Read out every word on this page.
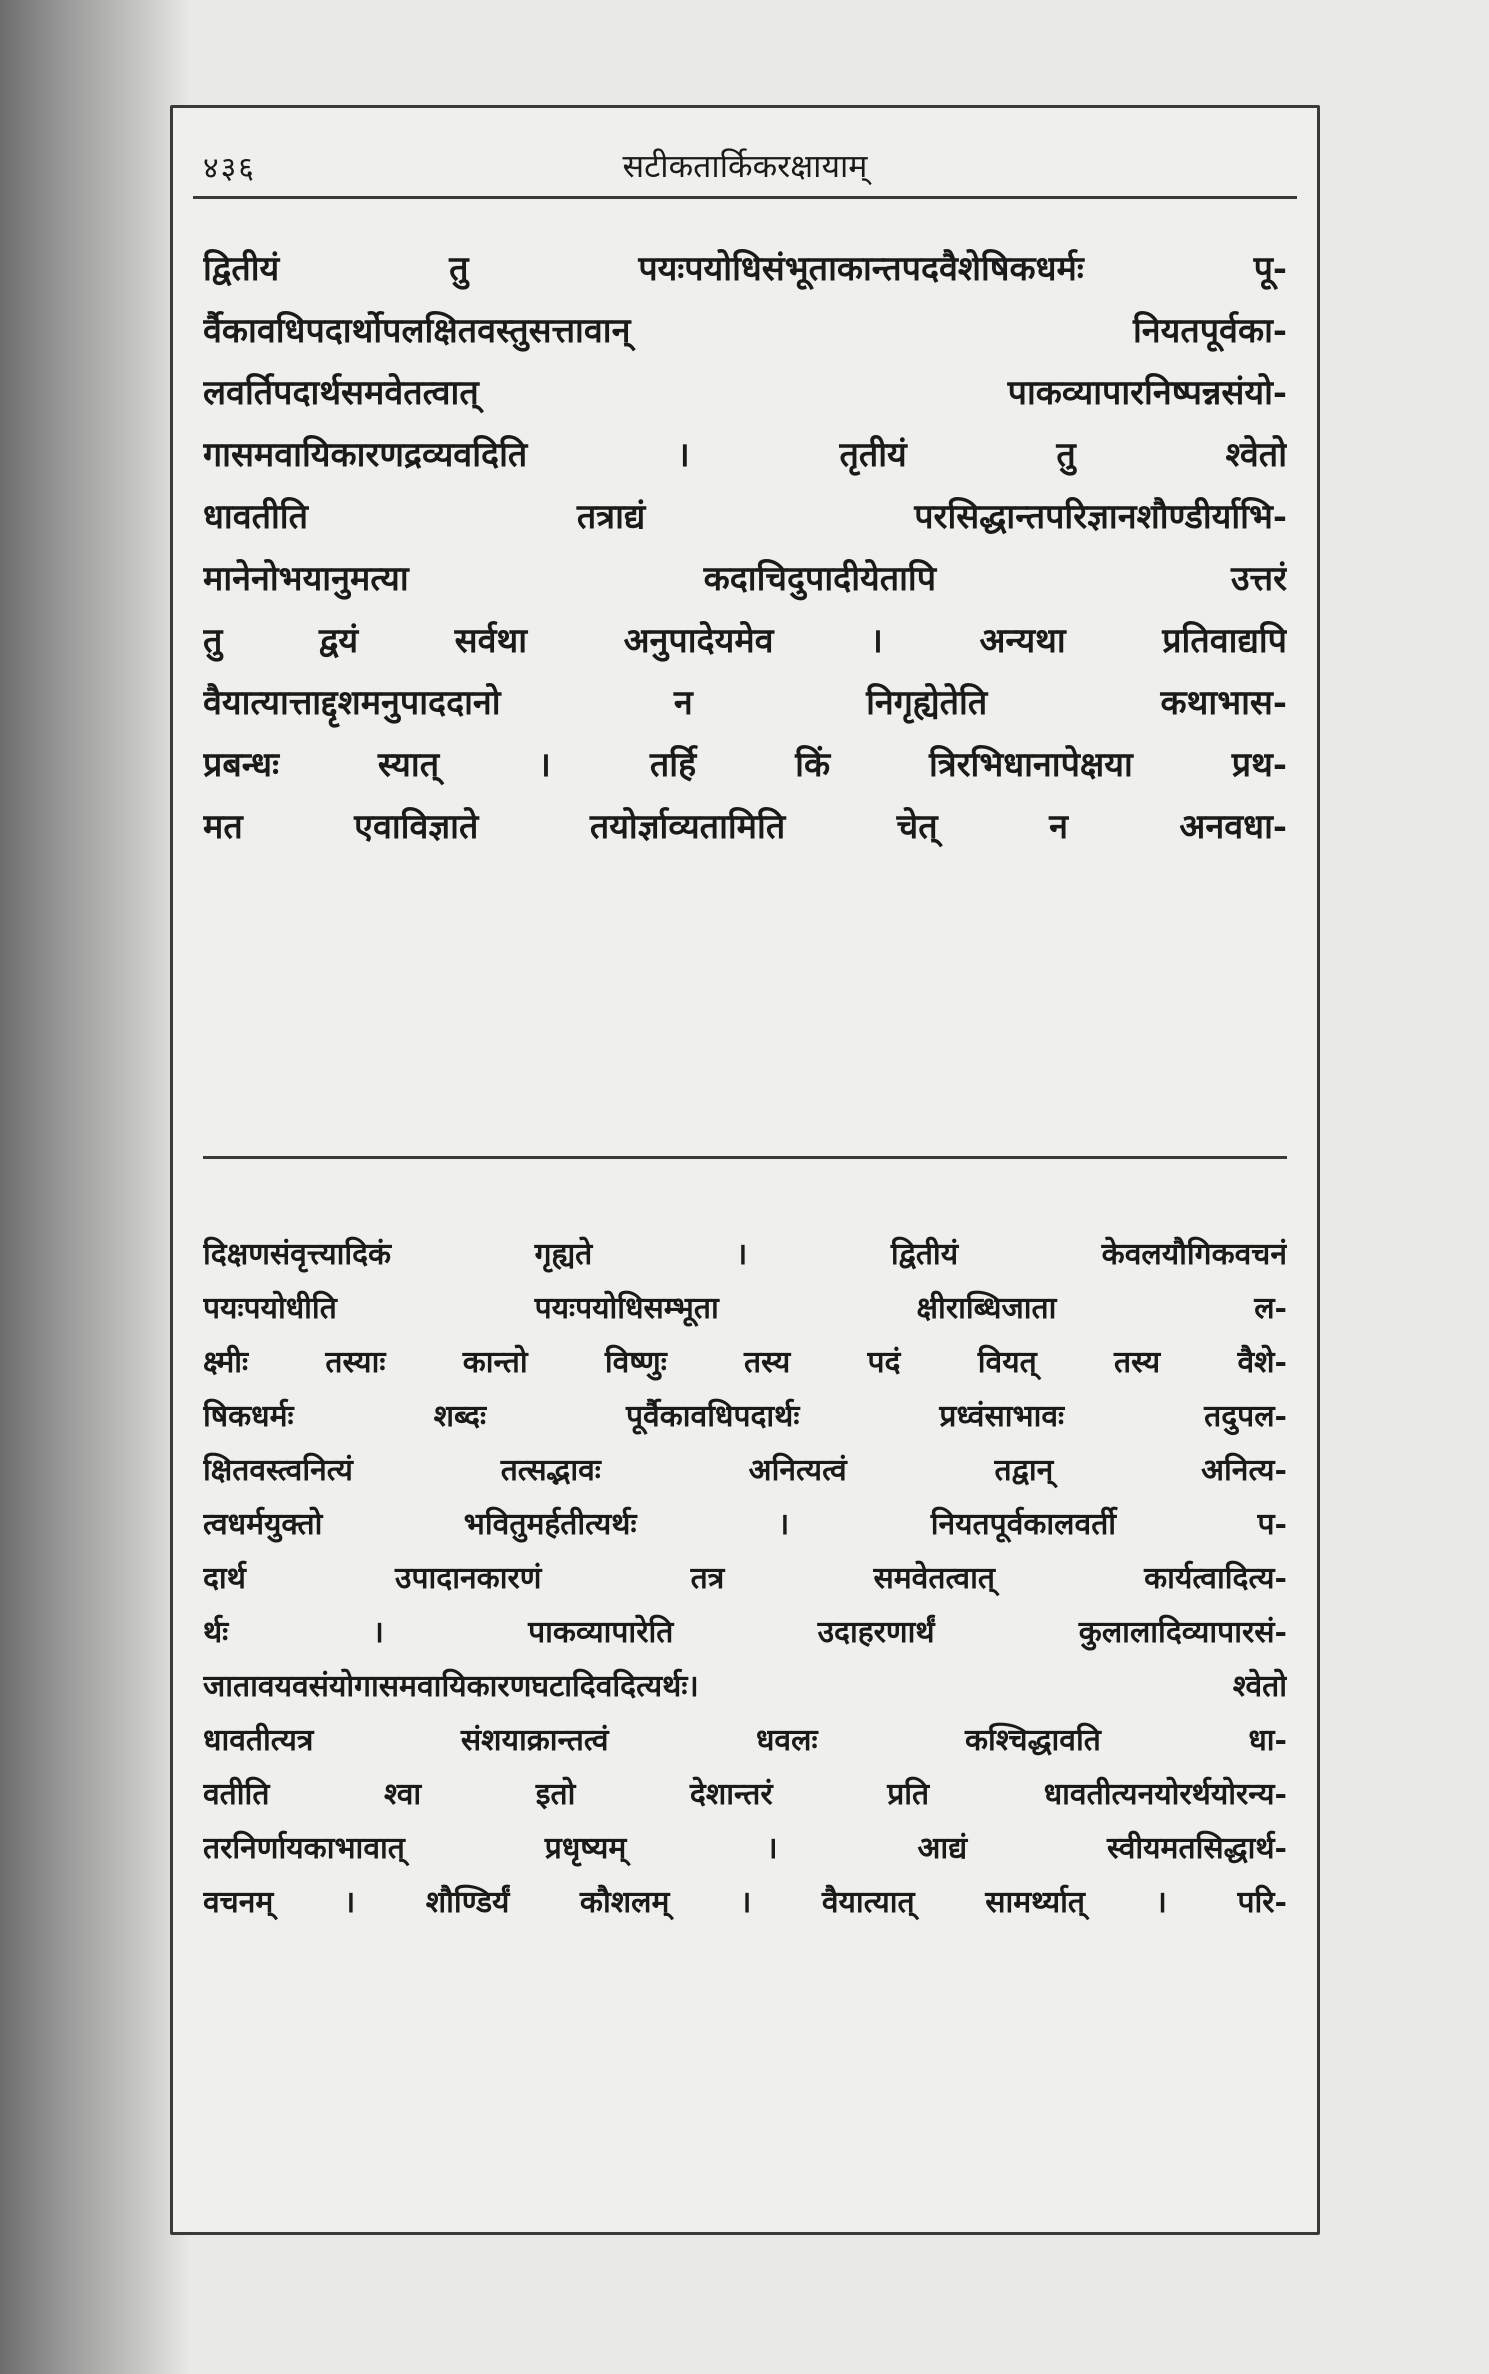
४३६	सटीकतार्किकरक्षायाम्
द्वितीयं तु पयःपयोधिसंभूताकान्तपदवैशेषिकधर्मः पू-
र्वैकावधिपदार्थोपलक्षितवस्तुसत्तावान् नियतपूर्वका-
लवर्तिपदार्थसमवेतत्वात् पाकव्यापारनिष्पन्नसंयो-
गासमवायिकारणद्रव्यवदिति । तृतीयं तु श्वेतो
धावतीति तत्राद्यं परसिद्धान्तपरिज्ञानशौण्डीर्याभि-
मानेनोभयानुमत्या कदाचिदुपादीयेतापि उत्तरं
तु द्वयं सर्वथा अनुपादेयमेव । अन्यथा प्रतिवाद्यपि
वैयात्यात्ताद्दृशमनुपाददानो न निगृह्येतेति कथाभास-
प्रबन्धः स्यात् । तर्हि किं त्रिरभिधानापेक्षया प्रथ-
मत एवाविज्ञाते तयोर्ज्ञाव्यतामिति चेत् न अनवधा-
दिक्षणसंवृत्त्यादिकं गृह्यते । द्वितीयं केवलयौगिकवचनं
पयःपयोधीति पयःपयोधिसम्भूता क्षीराब्धिजाता ल-
क्ष्मीः तस्याः कान्तो विष्णुः तस्य पदं वियत् तस्य वैशे-
षिकधर्मः शब्दः पूर्वैकावधिपदार्थः प्रध्वंसाभावः तदुपल-
क्षितवस्त्वनित्यं तत्सद्भावः अनित्यत्वं तद्वान् अनित्य-
त्वधर्मयुक्तो भवितुमर्हतीत्यर्थः । नियतपूर्वकालवर्ती प-
दार्थ उपादानकारणं तत्र समवेतत्वात् कार्यत्वादित्य-
र्थः । पाकव्यापारेति उदाहरणार्थं कुलालादिव्यापारसं-
जातावयवसंयोगासमवायिकारणघटादिवदित्यर्थः। श्वेतो
धावतीत्यत्र संशयाक्रान्तत्वं धवलः कश्चिद्धावति धा-
वतीति श्वा इतो देशान्तरं प्रति धावतीत्यनयोरर्थयोरन्य-
तरनिर्णायकाभावात् प्रधृष्यम् । आद्यं स्वीयमतसिद्धार्थ-
वचनम् । शौण्डिर्यं कौशलम् । वैयात्यात् सामर्थ्यात् । परि-
